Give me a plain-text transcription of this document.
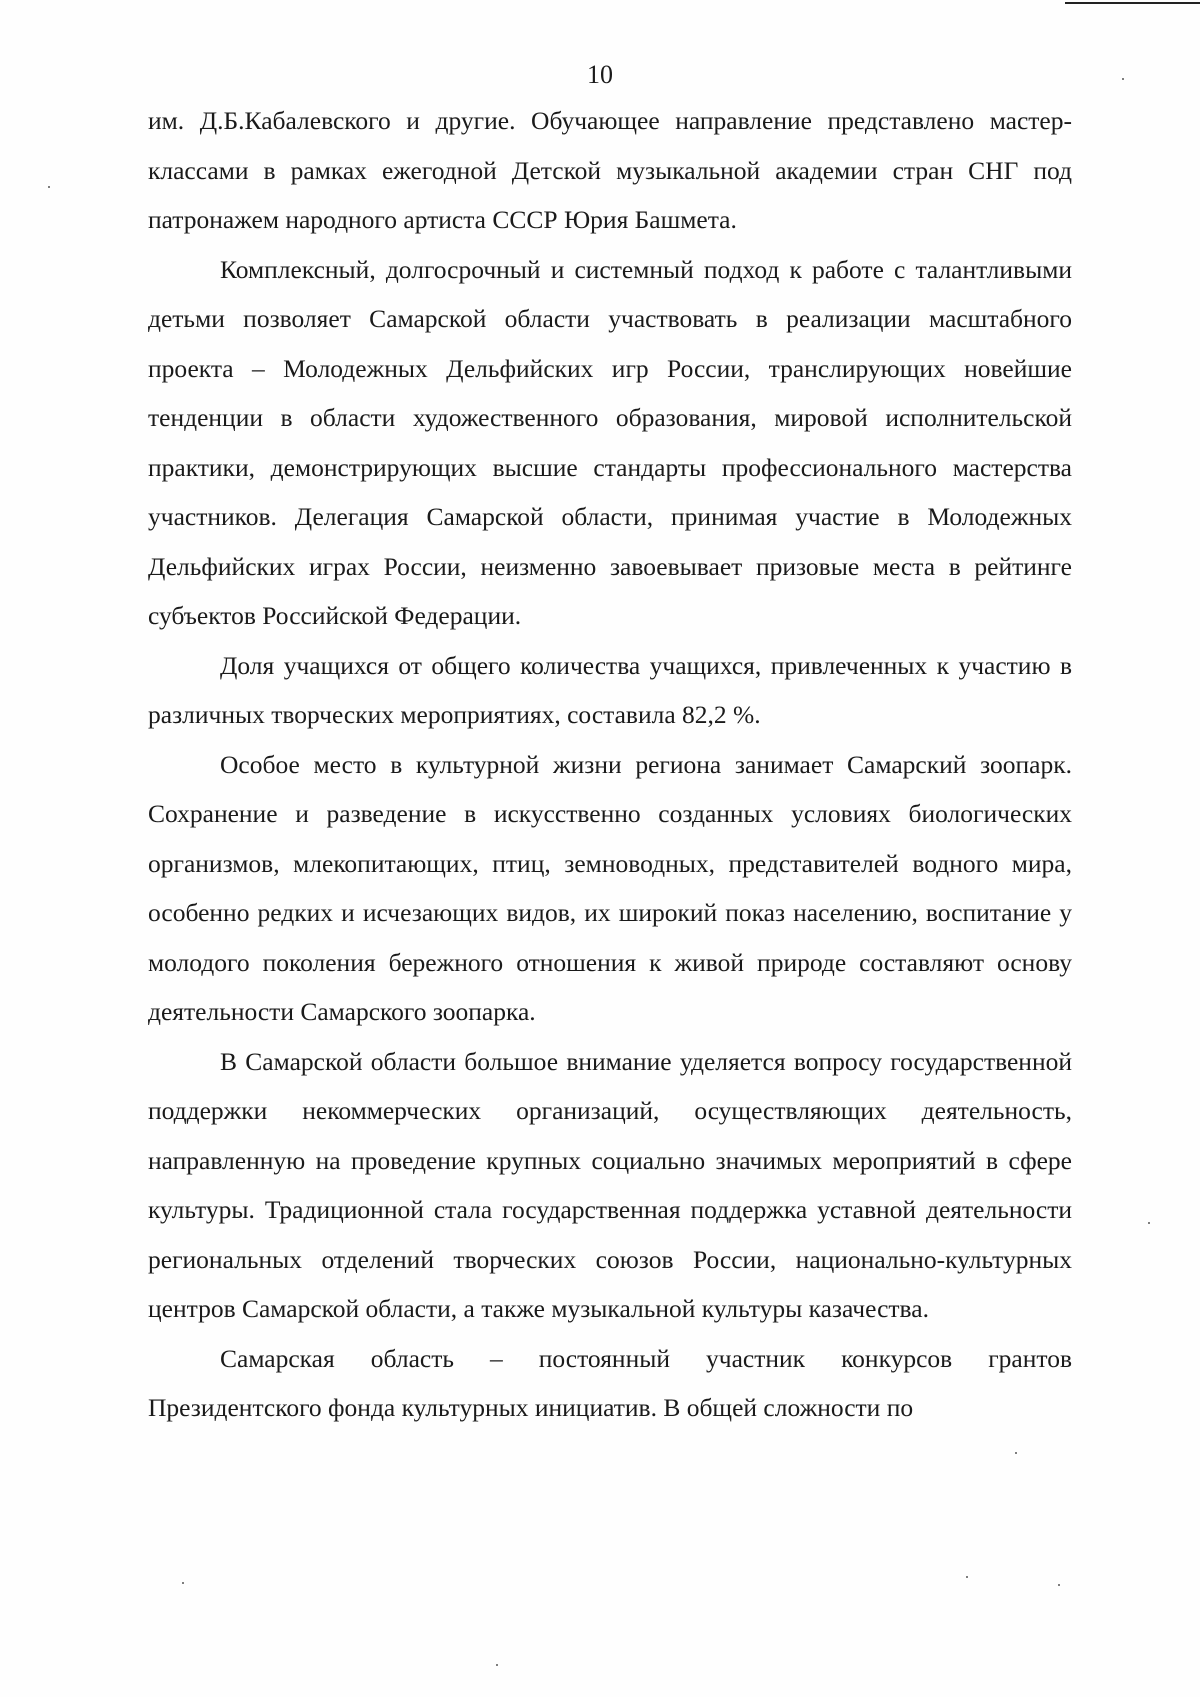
10

им. Д.Б.Кабалевского и другие. Обучающее направление представлено мастер-классами в рамках ежегодной Детской музыкальной академии стран СНГ под патронажем народного артиста СССР Юрия Башмета.

Комплексный, долгосрочный и системный подход к работе с талантливыми детьми позволяет Самарской области участвовать в реализации масштабного проекта – Молодежных Дельфийских игр России, транслирующих новейшие тенденции в области художественного образования, мировой исполнительской практики, демонстрирующих высшие стандарты профессионального мастерства участников. Делегация Самарской области, принимая участие в Молодежных Дельфийских играх России, неизменно завоевывает призовые места в рейтинге субъектов Российской Федерации.

Доля учащихся от общего количества учащихся, привлеченных к участию в различных творческих мероприятиях, составила 82,2 %.

Особое место в культурной жизни региона занимает Самарский зоопарк. Сохранение и разведение в искусственно созданных условиях биологических организмов, млекопитающих, птиц, земноводных, представителей водного мира, особенно редких и исчезающих видов, их широкий показ населению, воспитание у молодого поколения бережного отношения к живой природе составляют основу деятельности Самарского зоопарка.

В Самарской области большое внимание уделяется вопросу государственной поддержки некоммерческих организаций, осуществляющих деятельность, направленную на проведение крупных социально значимых мероприятий в сфере культуры. Традиционной стала государственная поддержка уставной деятельности региональных отделений творческих союзов России, национально-культурных центров Самарской области, а также музыкальной культуры казачества.

Самарская область – постоянный участник конкурсов грантов Президентского фонда культурных инициатив. В общей сложности по
